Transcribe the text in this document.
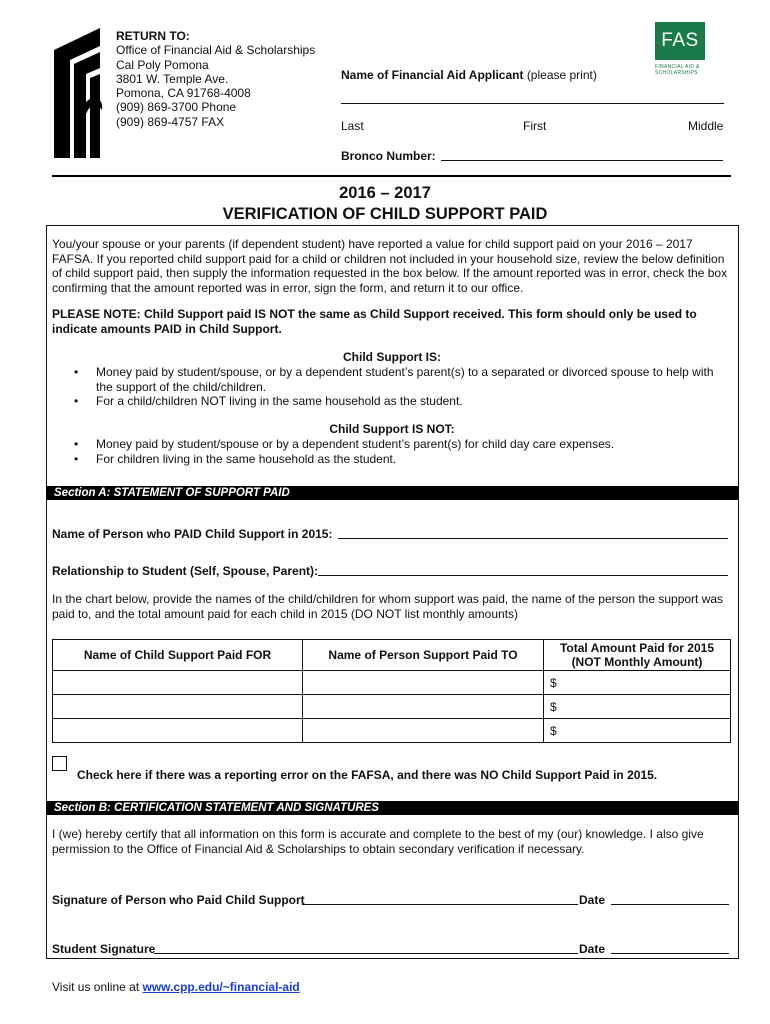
RETURN TO:
Office of Financial Aid & Scholarships
Cal Poly Pomona
3801 W. Temple Ave.
Pomona, CA 91768-4008
(909) 869-3700 Phone
(909) 869-4757 FAX
FAS
FINANCIAL AID & SCHOLARSHIPS
Name of Financial Aid Applicant (please print)
Last	First	Middle
Bronco Number:
2016 – 2017
VERIFICATION OF CHILD SUPPORT PAID
You/your spouse or your parents (if dependent student) have reported a value for child support paid on your 2016 – 2017 FAFSA. If you reported child support paid for a child or children not included in your household size, review the below definition of child support paid, then supply the information requested in the box below. If the amount reported was in error, check the box confirming that the amount reported was in error, sign the form, and return it to our office.
PLEASE NOTE: Child Support paid IS NOT the same as Child Support received. This form should only be used to indicate amounts PAID in Child Support.
Child Support IS:
• Money paid by student/spouse, or by a dependent student’s parent(s) to a separated or divorced spouse to help with the support of the child/children.
• For a child/children NOT living in the same household as the student.
Child Support IS NOT:
• Money paid by student/spouse or by a dependent student’s parent(s) for child day care expenses.
• For children living in the same household as the student.
Section A: STATEMENT OF SUPPORT PAID
Name of Person who PAID Child Support in 2015:
Relationship to Student (Self, Spouse, Parent):
In the chart below, provide the names of the child/children for whom support was paid, the name of the person the support was paid to, and the total amount paid for each child in 2015 (DO NOT list monthly amounts)
Name of Child Support Paid FOR	Name of Person Support Paid TO	Total Amount Paid for 2015 (NOT Monthly Amount)
		$
		$
		$
Check here if there was a reporting error on the FAFSA, and there was NO Child Support Paid in 2015.
Section B: CERTIFICATION STATEMENT AND SIGNATURES
I (we) hereby certify that all information on this form is accurate and complete to the best of my (our) knowledge. I also give permission to the Office of Financial Aid & Scholarships to obtain secondary verification if necessary.
Signature of Person who Paid Child Support	Date
Student Signature	Date
Visit us online at www.cpp.edu/~financial-aid
